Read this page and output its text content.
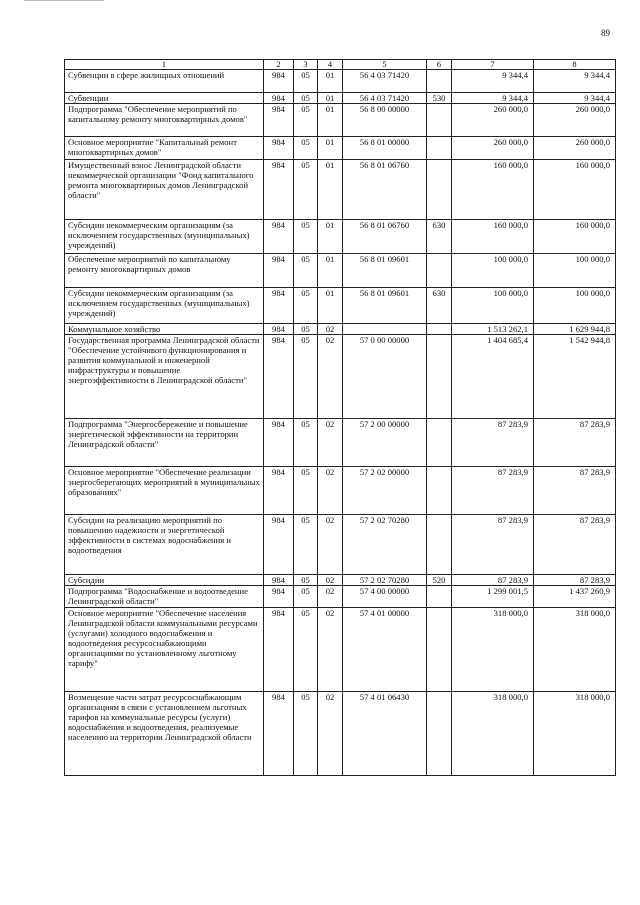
89
1	2	3	4	5	6	7	8
Субвенции в сфере жилищных отношений	984	05	01	56 4 03 71420		9 344,4	9 344,4
Субвенции	984	05	01	56 4 03 71420	530	9 344,4	9 344,4
Подпрограмма "Обеспечение мероприятий по капитальному ремонту многоквартирных домов"	984	05	01	56 8 00 00000		260 000,0	260 000,0
Основное мероприятие "Капитальный ремонт многоквартирных домов"	984	05	01	56 8 01 00000		260 000,0	260 000,0
Имущественный взнос Ленинградской области некоммерческой организации "Фонд капитального ремонта многоквартирных домов Ленинградской области"	984	05	01	56 8 01 06760		160 000,0	160 000,0
Субсидии некоммерческим организациям (за исключением государственных (муниципальных) учреждений)	984	05	01	56 8 01 06760	630	160 000,0	160 000,0
Обеспечение мероприятий по капитальному ремонту многоквартирных домов	984	05	01	56 8 01 09601		100 000,0	100 000,0
Субсидии некоммерческим организациям (за исключением государственных (муниципальных) учреждений)	984	05	01	56 8 01 09601	630	100 000,0	100 000,0
Коммунальное хозяйство	984	05	02			1 513 262,1	1 629 944,8
Государственная программа Ленинградской области "Обеспечение устойчивого функционирования и развития коммунальной и инженерной инфраструктуры и повышение энергоэффективности в Ленинградской области"	984	05	02	57 0 00 00000		1 404 685,4	1 542 944,8
Подпрограмма "Энергосбережение и повышение энергетической эффективности на территории Ленинградской области"	984	05	02	57 2 00 00000		87 283,9	87 283,9
Основное мероприятие "Обеспечение реализации энергосберегающих мероприятий в муниципальных образованиях"	984	05	02	57 2 02 00000		87 283,9	87 283,9
Субсидии на реализацию мероприятий по повышению надежности и энергетической эффективности в системах водоснабжения и водоотведения	984	05	02	57 2 02 70280		87 283,9	87 283,9
Субсидии	984	05	02	57 2 02 70280	520	87 283,9	87 283,9
Подпрограмма "Водоснабжение и водоотведение Ленинградской области"	984	05	02	57 4 00 00000		1 299 001,5	1 437 260,9
Основное мероприятие "Обеспечение населения Ленинградской области коммунальными ресурсами (услугами) холодного водоснабжения и водоотведения ресурсоснабжающими организациями по установленному льготному тарифу"	984	05	02	57 4 01 00000		318 000,0	318 000,0
Возмещение части затрат ресурсоснабжающим организациям в связи с установлением льготных тарифов на коммунальные ресурсы (услуги) водоснабжения и водоотведения, реализуемые населению на территории Ленинградской области	984	05	02	57 4 01 06430		318 000,0	318 000,0
